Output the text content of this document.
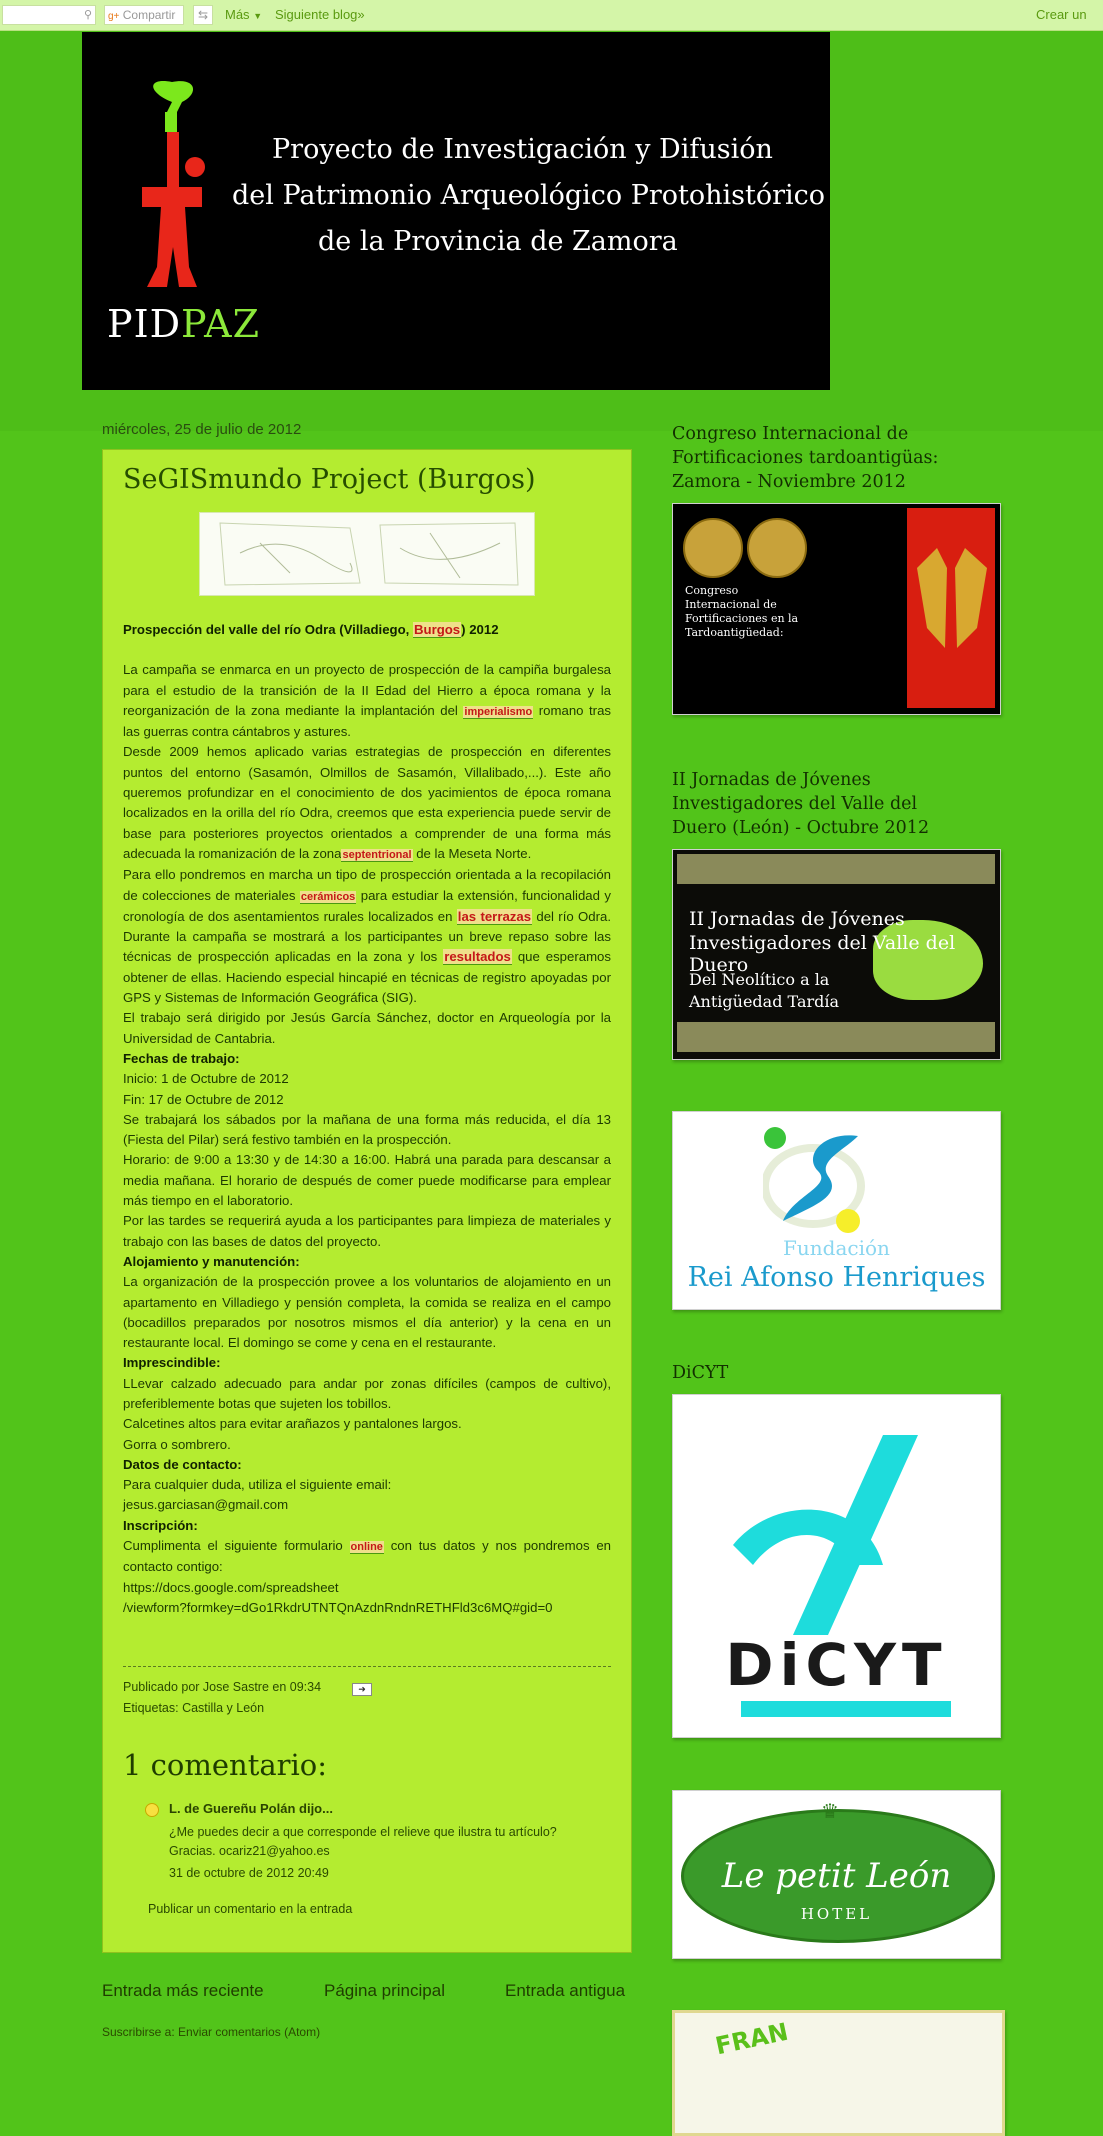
⚲	g+ Compartir	⇆	Más ▼ Siguiente blog»	Crear un
Proyecto de Investigación y Difusión
del Patrimonio Arqueológico Protohistórico
de la Provincia de Zamora
PIDPAZ
miércoles, 25 de julio de 2012
SeGISmundo Project (Burgos)
Prospección del valle del río Odra (Villadiego, Burgos) 2012
La campaña se enmarca en un proyecto de prospección de la campiña burgalesa para el estudio de la transición de la II Edad del Hierro a época romana y la reorganización de la zona mediante la implantación del imperialismo romano tras las guerras contra cántabros y astures.
Desde 2009 hemos aplicado varias estrategias de prospección en diferentes puntos del entorno (Sasamón, Olmillos de Sasamón, Villalibado,...). Este año queremos profundizar en el conocimiento de dos yacimientos de época romana localizados en la orilla del río Odra, creemos que esta experiencia puede servir de base para posteriores proyectos orientados a comprender de una forma más adecuada la romanización de la zonaseptentrional de la Meseta Norte.
Para ello pondremos en marcha un tipo de prospección orientada a la recopilación de colecciones de materiales cerámicos para estudiar la extensión, funcionalidad y cronología de dos asentamientos rurales localizados en las terrazas del río Odra. Durante la campaña se mostrará a los participantes un breve repaso sobre las técnicas de prospección aplicadas en la zona y los resultados que esperamos obtener de ellas. Haciendo especial hincapié en técnicas de registro apoyadas por GPS y Sistemas de Información Geográfica (SIG).
El trabajo será dirigido por Jesús García Sánchez, doctor en Arqueología por la Universidad de Cantabria.
Fechas de trabajo:
Inicio: 1 de Octubre de 2012
Fin: 17 de Octubre de 2012
Se trabajará los sábados por la mañana de una forma más reducida, el día 13 (Fiesta del Pilar) será festivo también en la prospección.
Horario: de 9:00 a 13:30 y de 14:30 a 16:00. Habrá una parada para descansar a media mañana. El horario de después de comer puede modificarse para emplear más tiempo en el laboratorio.
Por las tardes se requerirá ayuda a los participantes para limpieza de materiales y trabajo con las bases de datos del proyecto.
Alojamiento y manutención:
La organización de la prospección provee a los voluntarios de alojamiento en un apartamento en Villadiego y pensión completa, la comida se realiza en el campo (bocadillos preparados por nosotros mismos el día anterior) y la cena en un restaurante local. El domingo se come y cena en el restaurante.
Imprescindible:
LLevar calzado adecuado para andar por zonas difíciles (campos de cultivo), preferiblemente botas que sujeten los tobillos.
Calcetines altos para evitar arañazos y pantalones largos.
Gorra o sombrero.
Datos de contacto:
Para cualquier duda, utiliza el siguiente email:
jesus.garciasan@gmail.com
Inscripción:
Cumplimenta el siguiente formulario online con tus datos y nos pondremos en contacto contigo:
https://docs.google.com/spreadsheet
/viewform?formkey=dGo1RkdrUTNTQnAzdnRndnRETHFld3c6MQ#gid=0
Publicado por Jose Sastre en 09:34	➜
Etiquetas: Castilla y León
1 comentario:
L. de Guereñu Polán dijo...
¿Me puedes decir a que corresponde el relieve que ilustra tu artículo? Gracias. ocariz21@yahoo.es
31 de octubre de 2012 20:49
Publicar un comentario en la entrada
Entrada más reciente	Página principal	Entrada antigua
Suscribirse a: Enviar comentarios (Atom)
Congreso Internacional de Fortificaciones tardoantigüas: Zamora - Noviembre 2012
Congreso Internacional de Fortificaciones en la Tardoantigüedad:
II Jornadas de Jóvenes Investigadores del Valle del Duero (León) - Octubre 2012
II Jornadas de Jóvenes
Investigadores del Valle del Duero
Del Neolítico a la
Antigüedad Tardía
Fundación
Rei Afonso Henriques
DiCYT
DiCYT
♛
Le petit León
HOTEL
FRAN
